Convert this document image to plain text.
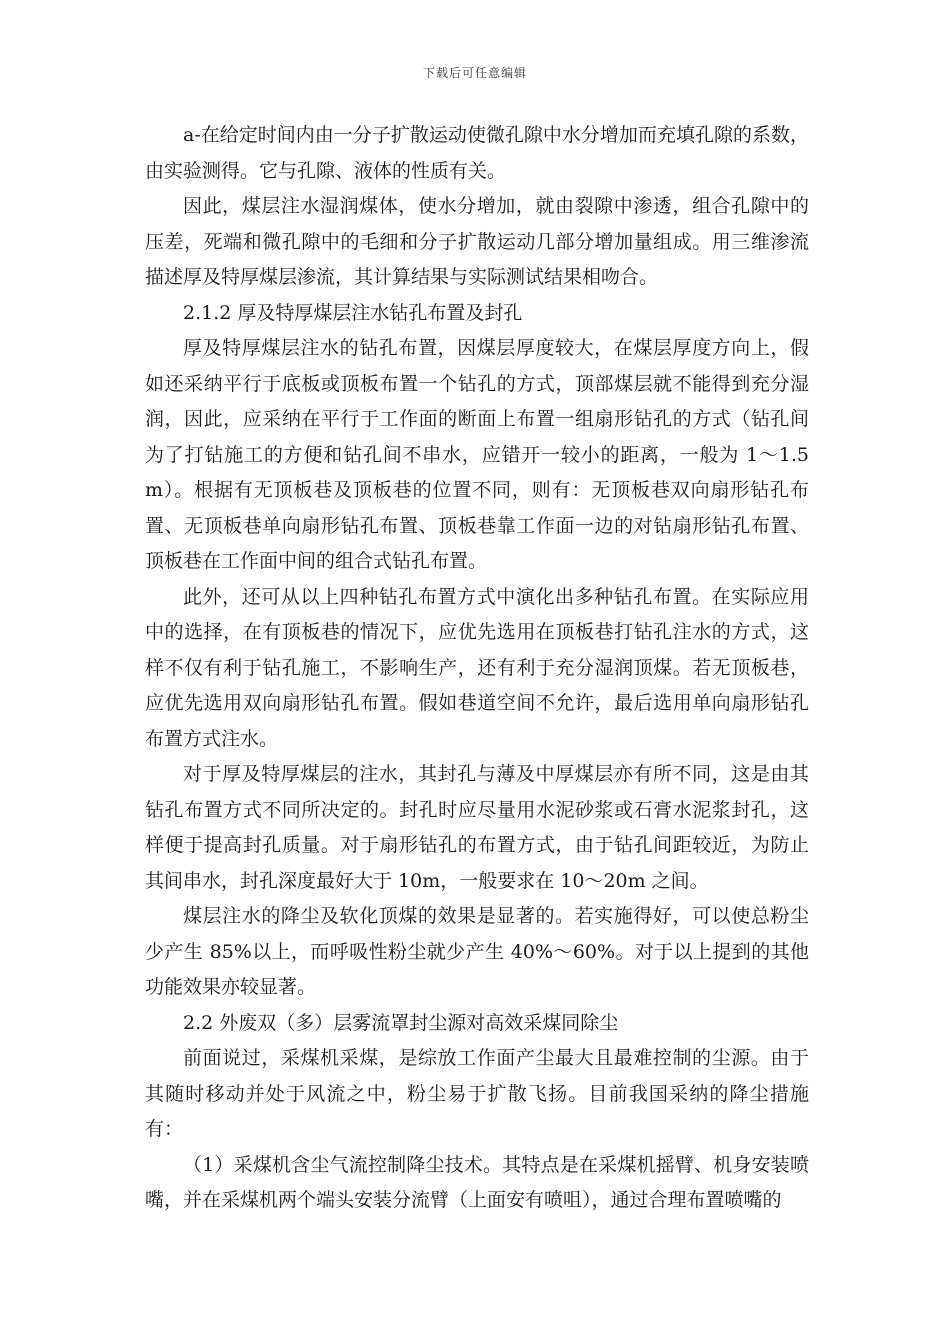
下载后可任意编辑

a-在给定时间内由一分子扩散运动使微孔隙中水分增加而充填孔隙的系数，由实验测得。它与孔隙、液体的性质有关。

因此，煤层注水湿润煤体，使水分增加，就由裂隙中渗透，组合孔隙中的压差，死端和微孔隙中的毛细和分子扩散运动几部分增加量组成。用三维渗流描述厚及特厚煤层渗流，其计算结果与实际测试结果相吻合。

2.1.2 厚及特厚煤层注水钻孔布置及封孔

厚及特厚煤层注水的钻孔布置，因煤层厚度较大，在煤层厚度方向上，假如还采纳平行于底板或顶板布置一个钻孔的方式，顶部煤层就不能得到充分湿润，因此，应采纳在平行于工作面的断面上布置一组扇形钻孔的方式（钻孔间为了打钻施工的方便和钻孔间不串水，应错开一较小的距离，一般为 1～1.5m）。根据有无顶板巷及顶板巷的位置不同，则有：无顶板巷双向扇形钻孔布置、无顶板巷单向扇形钻孔布置、顶板巷靠工作面一边的对钻扇形钻孔布置、顶板巷在工作面中间的组合式钻孔布置。

此外，还可从以上四种钻孔布置方式中演化出多种钻孔布置。在实际应用中的选择，在有顶板巷的情况下，应优先选用在顶板巷打钻孔注水的方式，这样不仅有利于钻孔施工，不影响生产，还有利于充分湿润顶煤。若无顶板巷，应优先选用双向扇形钻孔布置。假如巷道空间不允许，最后选用单向扇形钻孔布置方式注水。

对于厚及特厚煤层的注水，其封孔与薄及中厚煤层亦有所不同，这是由其钻孔布置方式不同所决定的。封孔时应尽量用水泥砂浆或石膏水泥浆封孔，这样便于提高封孔质量。对于扇形钻孔的布置方式，由于钻孔间距较近，为防止其间串水，封孔深度最好大于 10m，一般要求在 10～20m 之间。

煤层注水的降尘及软化顶煤的效果是显著的。若实施得好，可以使总粉尘少产生 85%以上，而呼吸性粉尘就少产生 40%～60%。对于以上提到的其他功能效果亦较显著。

2.2 外废双（多）层雾流罩封尘源对高效采煤同除尘

前面说过，采煤机采煤，是综放工作面产尘最大且最难控制的尘源。由于其随时移动并处于风流之中，粉尘易于扩散飞扬。目前我国采纳的降尘措施有：

（1）采煤机含尘气流控制降尘技术。其特点是在采煤机摇臂、机身安装喷嘴，并在采煤机两个端头安装分流臂（上面安有喷咀），通过合理布置喷嘴的
